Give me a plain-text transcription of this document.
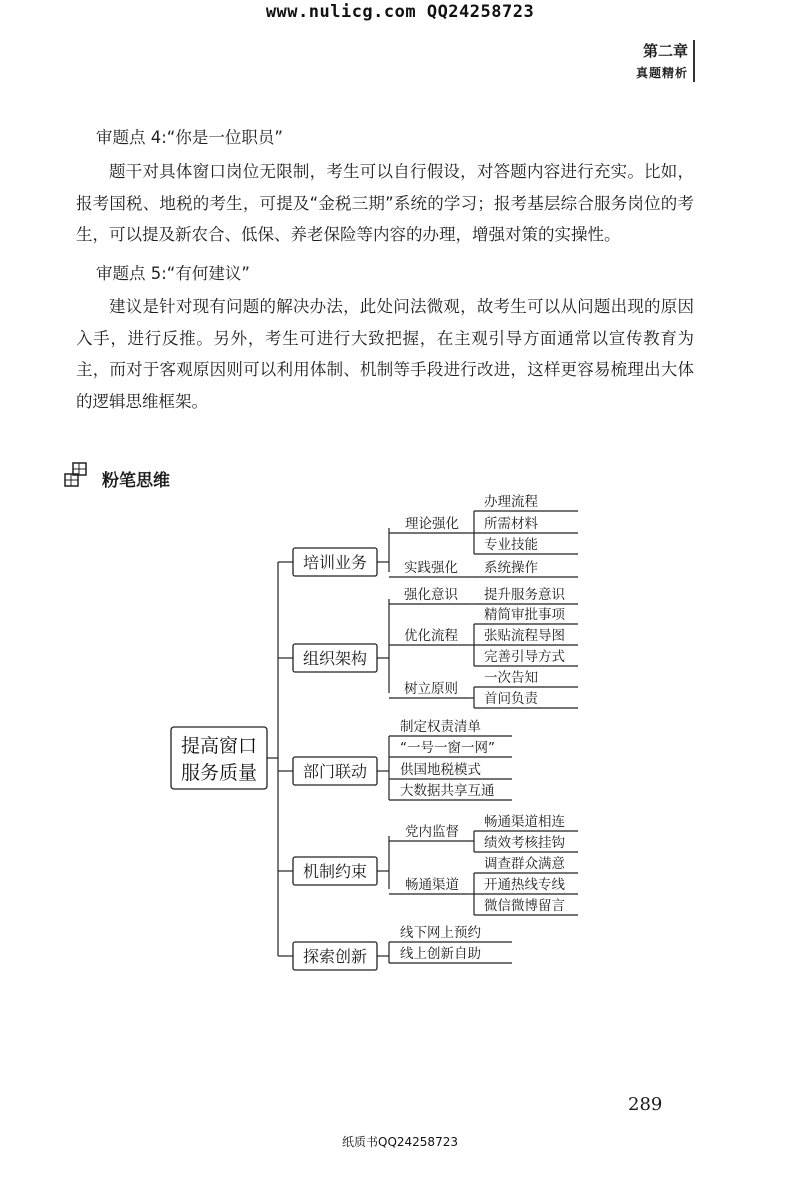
www.nulicg.com QQ24258723
第二章
真题精析
审题点 4:“你是一位职员”
题干对具体窗口岗位无限制，考生可以自行假设，对答题内容进行充实。比如，报考国税、地税的考生，可提及“金税三期”系统的学习；报考基层综合服务岗位的考生，可以提及新农合、低保、养老保险等内容的办理，增强对策的实操性。
审题点 5:“有何建议”
建议是针对现有问题的解决办法，此处问法微观，故考生可以从问题出现的原因入手，进行反推。另外，考生可进行大致把握，在主观引导方面通常以宣传教育为主，而对于客观原因则可以利用体制、机制等手段进行改进，这样更容易梳理出大体的逻辑思维框架。
粉笔思维
提高窗口
服务质量
培训业务
理论强化
办理流程
所需材料
专业技能
实践强化 系统操作
组织架构
强化意识 提升服务意识
优化流程
精简审批事项
张贴流程导图
完善引导方式
树立原则
一次告知
首问负责
部门联动
制定权责清单
“一号一窗一网”
供国地税模式
大数据共享互通
机制约束
党内监督
畅通渠道相连
绩效考核挂钩
畅通渠道
调查群众满意
开通热线专线
微信微博留言
探索创新
线下网上预约
线上创新自助
289
纸质书QQ24258723
